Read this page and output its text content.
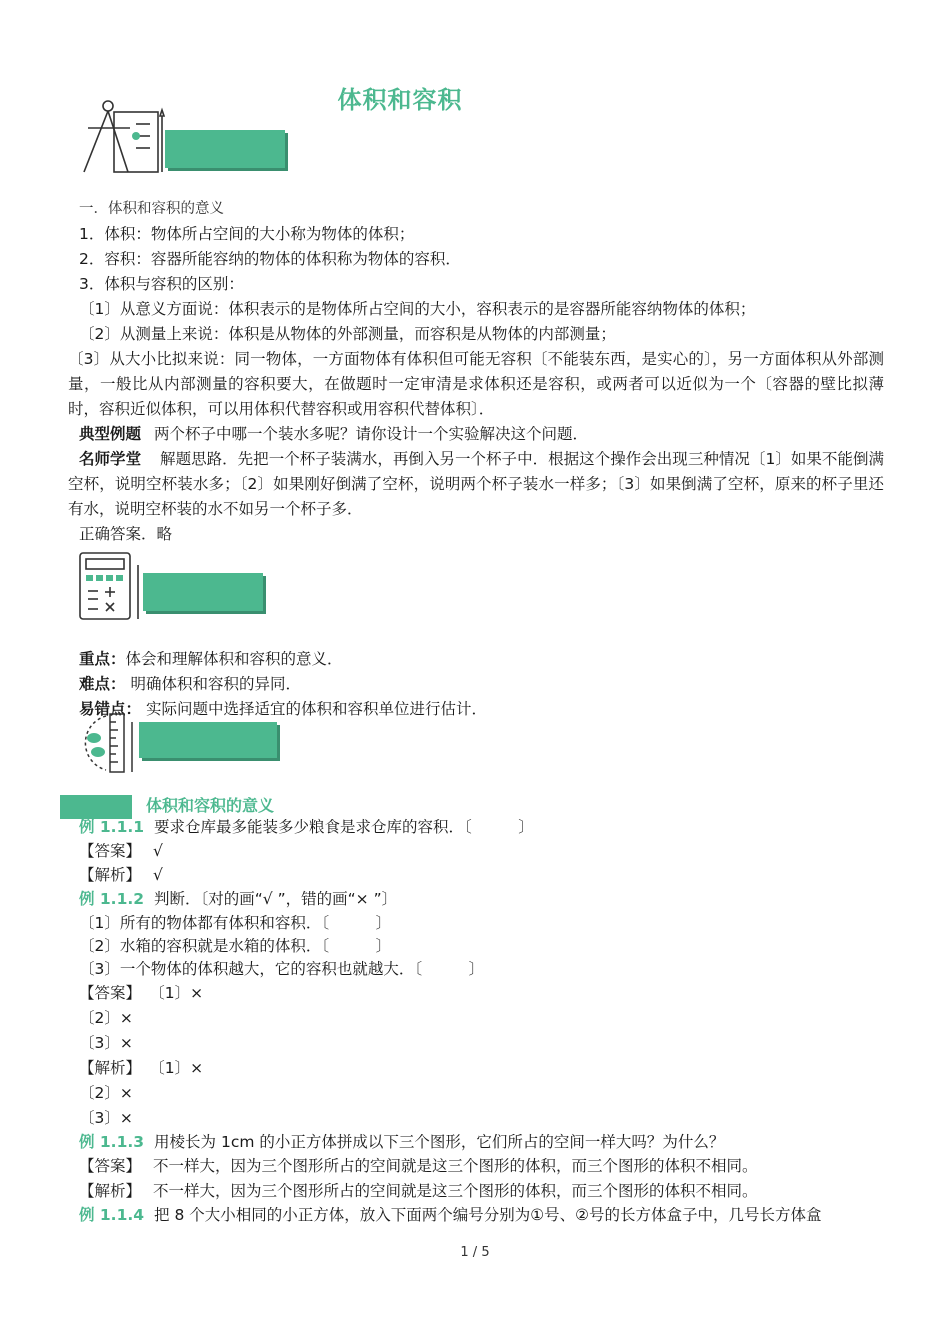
体积和容积
一．体积和容积的意义
1．体积：物体所占空间的大小称为物体的体积；
2．容积：容器所能容纳的物体的体积称为物体的容积．
3．体积与容积的区别：
〔1〕从意义方面说：体积表示的是物体所占空间的大小，容积表示的是容器所能容纳物体的体积；
〔2〕从测量上来说：体积是从物体的外部测量，而容积是从物体的内部测量；
〔3〕从大小比拟来说：同一物体，一方面物体有体积但可能无容积〔不能装东西，是实心的〕，另一方面体积从外部测量，一般比从内部测量的容积要大，在做题时一定审清是求体积还是容积，或两者可以近似为一个〔容器的壁比拟薄时，容积近似体积，可以用体积代替容积或用容积代替体积〕．
典型例题 两个杯子中哪一个装水多呢？请你设计一个实验解决这个问题．
名师学堂 解题思路．先把一个杯子装满水，再倒入另一个杯子中．根据这个操作会出现三种情况〔1〕如果不能倒满空杯，说明空杯装水多；〔2〕如果刚好倒满了空杯，说明两个杯子装水一样多；〔3〕如果倒满了空杯，原来的杯子里还有水，说明空杯装的水不如另一个杯子多．
正确答案．略
重点：体会和理解体积和容积的意义．
难点： 明确体积和容积的异同．
易错点： 实际问题中选择适宜的体积和容积单位进行估计．
体积和容积的意义
例 1.1.1 要求仓库最多能装多少粮食是求仓库的容积．〔　　　〕
【答案】 √
【解析】 √
例 1.1.2 判断．〔对的画“√ ”，错的画“× ”〕
〔1〕所有的物体都有体积和容积．〔　　　〕
〔2〕水箱的容积就是水箱的体积．〔　　　〕
〔3〕一个物体的体积越大，它的容积也就越大．〔　　　〕
【答案】 〔1〕×
〔2〕×
〔3〕×
【解析】 〔1〕×
〔2〕×
〔3〕×
例 1.1.3 用棱长为 1cm 的小正方体拼成以下三个图形，它们所占的空间一样大吗？为什么？
【答案】 不一样大，因为三个图形所占的空间就是这三个图形的体积，而三个图形的体积不相同。
【解析】 不一样大，因为三个图形所占的空间就是这三个图形的体积，而三个图形的体积不相同。
例 1.1.4 把 8 个大小相同的小正方体，放入下面两个编号分别为①号、②号的长方体盒子中，几号长方体盒
1 / 5
